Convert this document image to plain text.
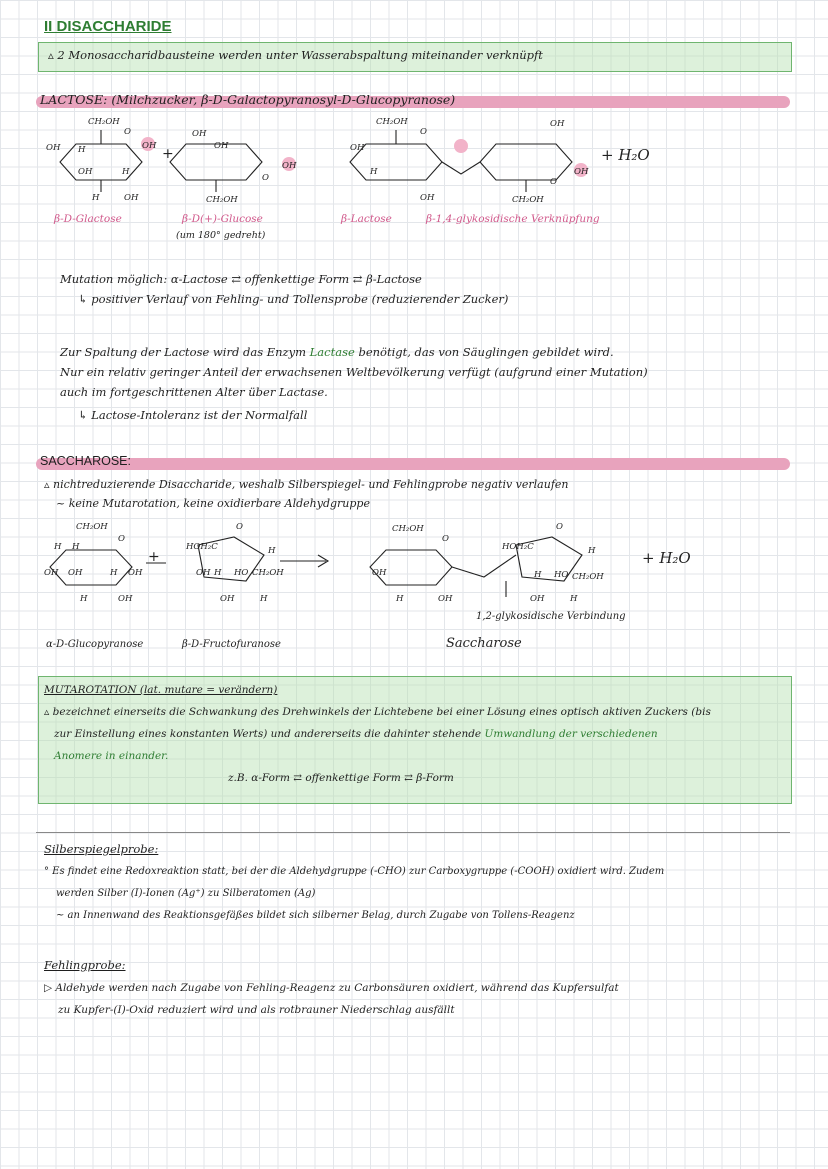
II DISACCHARIDE
▵ 2 Monosaccharidbausteine werden unter Wasserabspaltung miteinander verknüpft
LACTOSE: (Milchzucker, β-D-Galactopyranosyl-D-Glucopyranose)
CH₂OH
O
OH
OH H
OH	H
H	OH
+
OH
OH
O
OH
CH₂OH
CH₂OH
O
OH
H
OH
OH
O
OH
CH₂OH
+ H₂O
β-D-Glactose	β-D(+)-Glucose
(um 180° gedreht)
β-Lactose	β-1,4-glykosidische Verknüpfung
Mutation möglich: α-Lactose ⇄ offenkettige Form ⇄ β-Lactose
↳ positiver Verlauf von Fehling- und Tollensprobe (reduzierender Zucker)
Zur Spaltung der Lactose wird das Enzym Lactase benötigt, das von Säuglingen gebildet wird.
Nur ein relativ geringer Anteil der erwachsenen Weltbevölkerung verfügt (aufgrund einer Mutation)
auch im fortgeschrittenen Alter über Lactase.
↳ Lactose-Intoleranz ist der Normalfall
SACCHAROSE:
▵ nichtreduzierende Disaccharide, weshalb Silberspiegel- und Fehlingprobe negativ verlaufen
~ keine Mutarotation, keine oxidierbare Aldehydgruppe
CH₂OH
O
H H
OH OH	H OH
H	OH
+
HOH₂C
O
H
OH H HO CH₂OH
OH	H
CH₂OH
O
OH
H	OH
HOH₂C
O
H
H HO CH₂OH
OH	H
+ H₂O
1,2-glykosidische Verbindung
α-D-Glucopyranose	β-D-Fructofuranose	Saccharose
MUTAROTATION (lat. mutare = verändern)
▵ bezeichnet einerseits die Schwankung des Drehwinkels der Lichtebene bei einer Lösung eines optisch aktiven Zuckers (bis
zur Einstellung eines konstanten Werts) und andererseits die dahinter stehende Umwandlung der verschiedenen
Anomere in einander.
z.B. α-Form ⇄ offenkettige Form ⇄ β-Form
Silberspiegelprobe:
° Es findet eine Redoxreaktion statt, bei der die Aldehydgruppe (-CHO) zur Carboxygruppe (-COOH) oxidiert wird. Zudem
werden Silber (I)-Ionen (Ag⁺) zu Silberatomen (Ag)
~ an Innenwand des Reaktionsgefäßes bildet sich silberner Belag, durch Zugabe von Tollens-Reagenz
Fehlingprobe:
▷ Aldehyde werden nach Zugabe von Fehling-Reagenz zu Carbonsäuren oxidiert, während das Kupfersulfat
zu Kupfer-(I)-Oxid reduziert wird und als rotbrauner Niederschlag ausfällt
